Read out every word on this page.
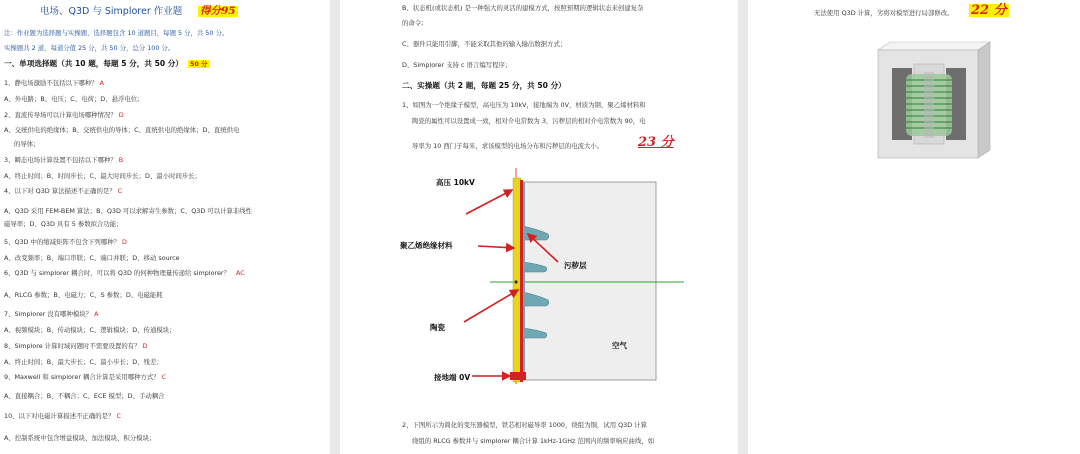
电场、Q3D 与 Simplorer 作业题 得分95
注：作业题为选择题与实操题，选择题包含 10 道题目，每题 5 分，共 50 分。
实操题共 2 道，每道分值 25 分，共 50 分，总分 100 分。
一、单项选择题（共 10 题，每题 5 分，共 50 分） 50 分
1、静电场激励不包括以下哪种？ A
A、外电路；B、电压；C、电荷；D、悬浮电位;
2、直流传导场可以计算电场哪种情况？ D
A、交统供电的绝缘体；B、交统供电的导体；C、直统供电的绝缘体；D、直统供电
的导体；
3、瞬态电场计算设置不包括以下哪种？ B
A、终止时间；B、时间步长；C、最大时间步长；D、最小时间步长；
4、以下对 Q3D 算法描述不正确的是？ C
A、Q3D 采用 FEM-BEM 算法；B、Q3D 可以求解寄生参数；C、Q3D 可以计算非线性
磁导率；D、Q3D 具有 5 参数拟合功能；
5、Q3D 中的缩减矩阵不包含下列哪种？ D
A、改变频率；B、端口串联；C、端口并联；D、移动 source
6、Q3D 与 simplorer 耦合时，可以将 Q3D 的何种物理量传递给 simplorer？ AC
A、RLCG 参数；B、电磁力；C、S 参数；D、电磁能耗
7、Simplorer 没有哪种模块？ A
A、视频模块；B、传动模块；C、逻辑模块；D、传通模块；
8、Simplore 计算时域问题时不需要设置的有？ D
A、终止时间；B、最大步长；C、最小步长；D、残差；
9、Maxwell 和 simplorer 耦合计算是采用哪种方式？ C
A、直接耦合；B、不耦合；C、ECE 模型；D、手动耦合
10、以下对电磁计算描述不正确的是？ C
A、控制系统中包含增益模块、加法模块、积分模块；
B、状态机(或状态机) 是一种强大的灵活的建模方式，按照预期的逻辑状态来创建复杂
的命令;
C、器件只能用引脚，不能采取其他的输入输出数据方式；
D、Simplorer 支持 c 语言编写程序；
二、实操题（共 2 题，每题 25 分，共 50 分）
1、如图为一个绝缘子模型，高电压为 10kV，接地端为 0V，材质为钢、聚乙烯材料和
陶瓷的属性可以设置成一致，相对介电常数为 3，污秽层的相对介电常数为 90，电
导率为 10 西门子每米，求该模型的电场分布和污秽层的电流大小。	23 分
高压 10kV
聚乙烯绝缘材料
污秽层
陶瓷
空气
接地端 0V
2、下图所示为简化的变压器模型，铁芯相对磁导率 1000，绕组为铜，试用 Q3D 计算
绕组的 RLCG 参数并与 simplorer 耦合计算 1kHz-1GHz 范围内的频率响应曲线，如
无法使用 Q3D 计算，劣将对模型进行局部修改。 22 分
